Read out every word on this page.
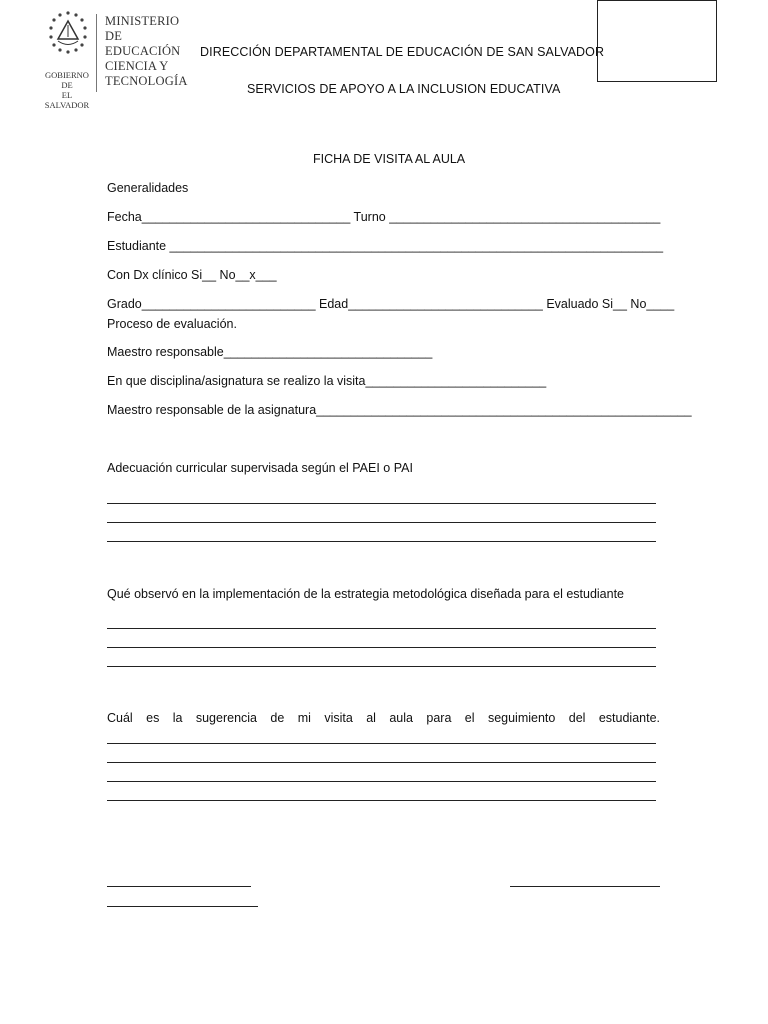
GOBIERNO DE
EL SALVADOR
MINISTERIO
DE EDUCACIÓN
CIENCIA Y
TECNOLOGÍA
DIRECCIÓN DEPARTAMENTAL DE EDUCACIÓN DE SAN SALVADOR
SERVICIOS DE APOYO A LA INCLUSION EDUCATIVA
FICHA DE VISITA AL AULA
Generalidades
Fecha______________________________ Turno _______________________________________
Estudiante _______________________________________________________________________
Con Dx clínico Si__ No__x___
Grado_________________________ Edad____________________________ Evaluado Si__ No____
Proceso de evaluación.
Maestro responsable______________________________
En que disciplina/asignatura se realizo la visita__________________________
Maestro responsable de la asignatura______________________________________________________
Adecuación curricular supervisada según el PAEI o PAI
Qué observó en la implementación de la estrategia metodológica diseñada para el estudiante
Cuál es la sugerencia de mi visita al aula para el seguimiento del estudiante.
